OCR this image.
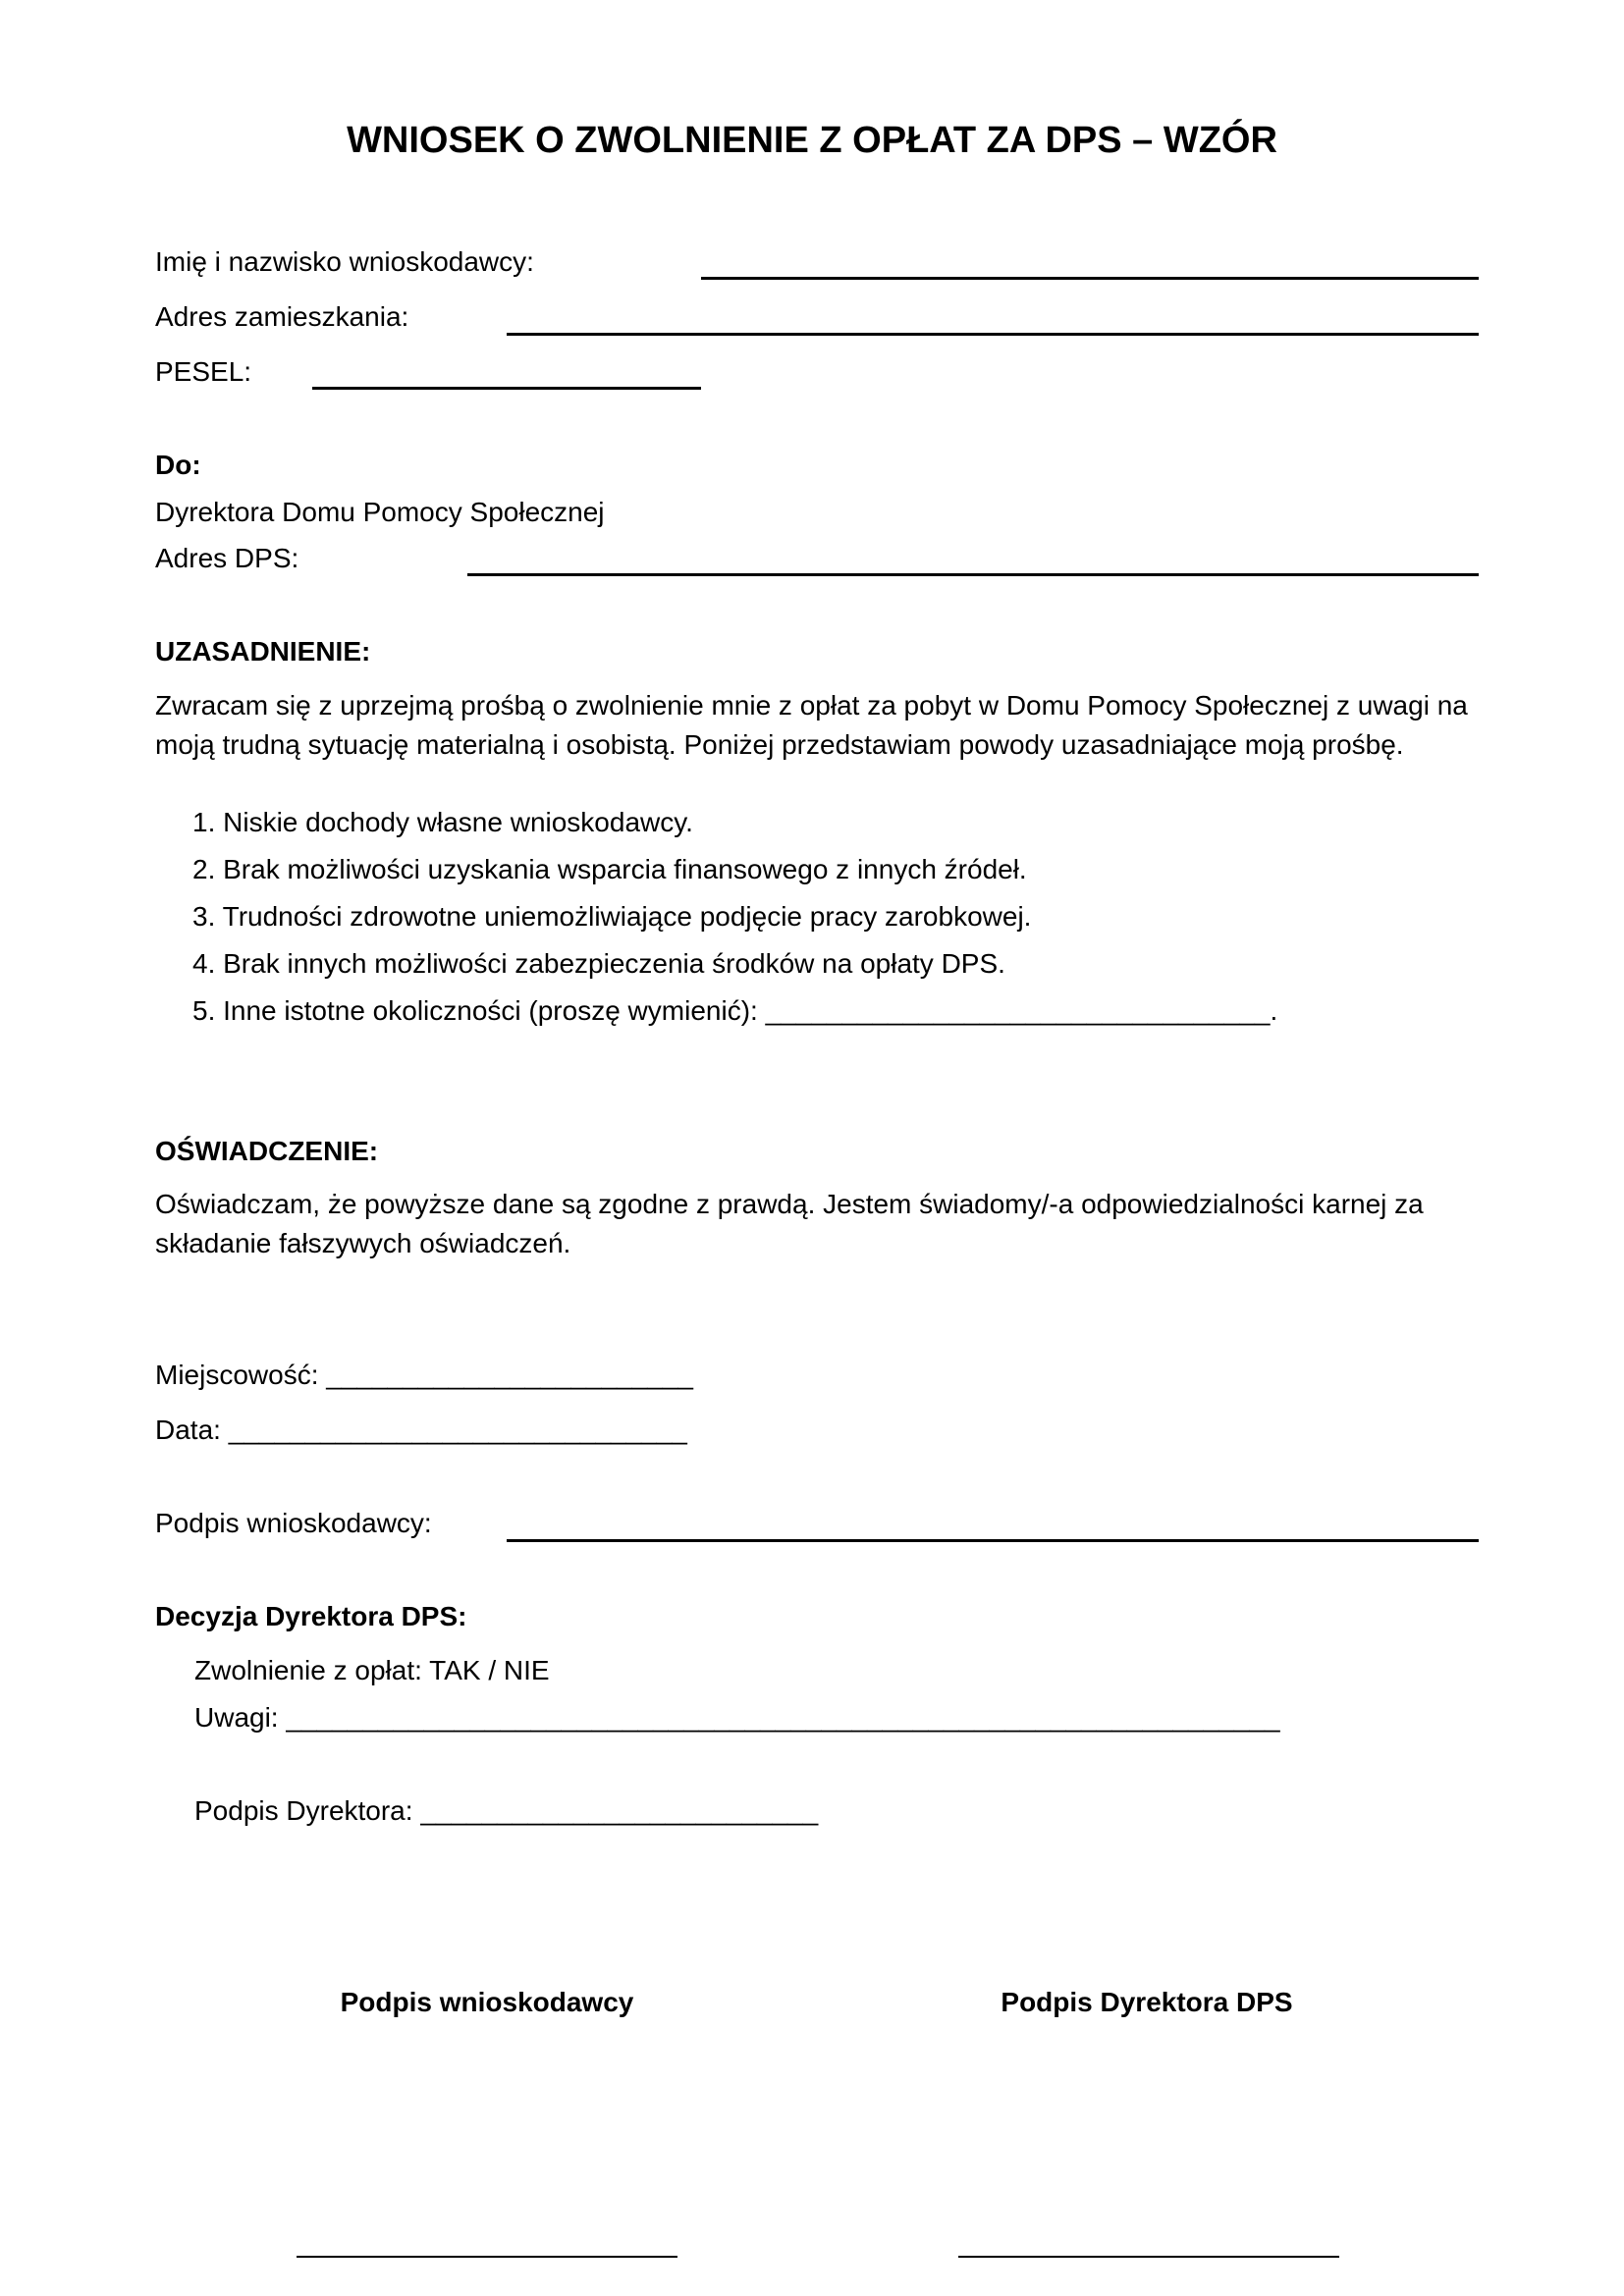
WNIOSEK O ZWOLNIENIE Z OPŁAT ZA DPS – WZÓR
Imię i nazwisko wnioskodawcy:
Adres zamieszkania:
PESEL:
Do:
Dyrektora Domu Pomocy Społecznej
Adres DPS:
UZASADNIENIE:
Zwracam się z uprzejmą prośbą o zwolnienie mnie z opłat za pobyt w Domu Pomocy Społecznej z uwagi na moją trudną sytuację materialną i osobistą. Poniżej przedstawiam powody uzasadniające moją prośbę.
1. Niskie dochody własne wnioskodawcy.
2. Brak możliwości uzyskania wsparcia finansowego z innych źródeł.
3. Trudności zdrowotne uniemożliwiające podjęcie pracy zarobkowej.
4. Brak innych możliwości zabezpieczenia środków na opłaty DPS.
5. Inne istotne okoliczności (proszę wymienić): _________________________________.
OŚWIADCZENIE:
Oświadczam, że powyższe dane są zgodne z prawdą. Jestem świadomy/-a odpowiedzialności karnej za składanie fałszywych oświadczeń.
Miejscowość: ________________________
Data: ______________________________
Podpis wnioskodawcy:
Decyzja Dyrektora DPS:
Zwolnienie z opłat: TAK / NIE
Uwagi: _________________________________________________________________
Podpis Dyrektora: __________________________
Podpis wnioskodawcy	Podpis Dyrektora DPS
